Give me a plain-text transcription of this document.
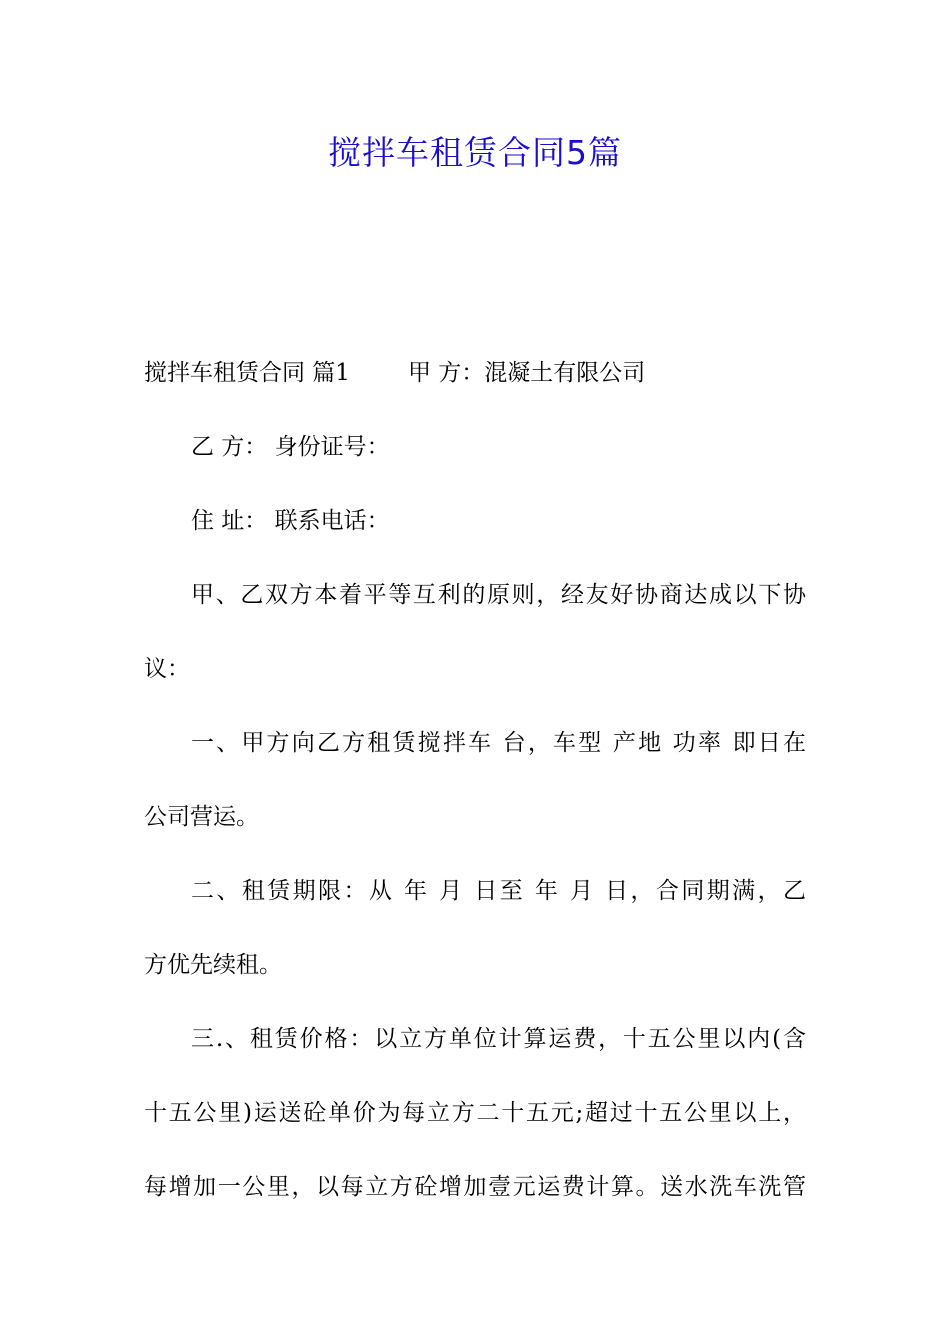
搅拌车租赁合同5篇
搅拌车租赁合同 篇1	甲 方：混凝土有限公司
乙 方： 身份证号：
住 址： 联系电话：
甲、乙双方本着平等互利的原则，经友好协商达成以下协
议：
一、甲方向乙方租赁搅拌车 台，车型 产地 功率 即日在
公司营运。
二、租赁期限：从 年 月 日至 年 月 日，合同期满，乙
方优先续租。
三.、租赁价格：以立方单位计算运费，十五公里以内(含
十五公里)运送砼单价为每立方二十五元;超过十五公里以上，
每增加一公里，以每立方砼增加壹元运费计算。送水洗车洗管
